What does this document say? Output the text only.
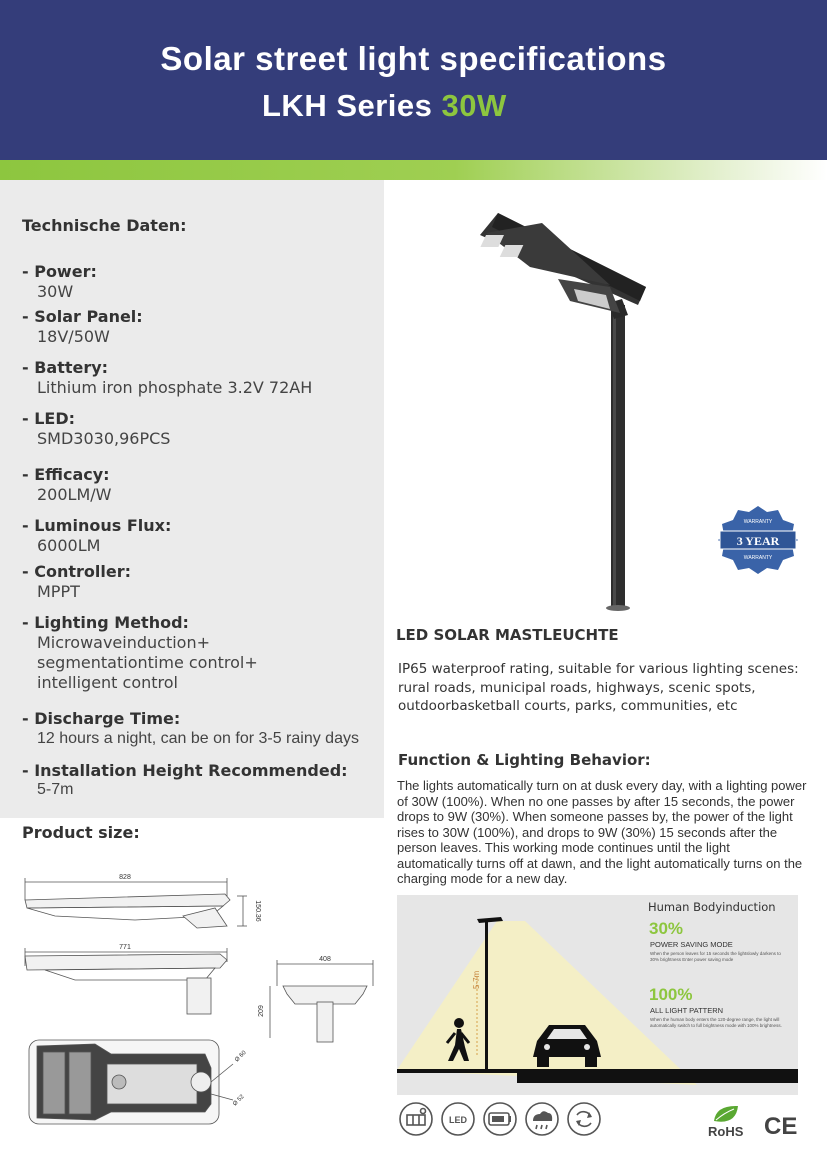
Solar street light specifications
LKH Series 30W
Technische Daten:
- Power:
30W
- Solar Panel:
18V/50W
- Battery:
Lithium iron phosphate 3.2V 72AH
- LED:
SMD3030,96PCS
- Efficacy:
200LM/W
- Luminous Flux:
6000LM
- Controller:
MPPT
- Lighting Method:
Microwaveinduction+
segmentationtime control+
intelligent control
- Discharge Time:
12 hours a night, can be on for 3-5 rainy days
- Installation Height Recommended:
5-7m
Product size:
828
150.36
771
408
209
Ø 60
Ø 52
WARRANTY
3 YEAR
WARRANTY
LED SOLAR MASTLEUCHTE
IP65 waterproof rating, suitable for various lighting scenes: rural roads, municipal roads, highways, scenic spots, outdoorbasketball courts, parks, communities, etc
Function & Lighting Behavior:
The lights automatically turn on at dusk every day, with a lighting power of 30W (100%). When no one passes by after 15 seconds, the power drops to 9W (30%). When someone passes by, the power of the light rises to 30W (100%), and drops to 9W (30%) 15 seconds after the person leaves. This working mode continues until the light automatically turns off at dawn, and the light automatically turns on the charging mode for a new day.
5-7m
Human Bodyinduction
30%
POWER SAVING MODE
When the person leaves for 15 seconds the lightslowly darkens to 30% brightness Enter power saving mode
100%
ALL LIGHT PATTERN
When the human body enters the 120-degree range, the light will automatically switch to full brightness mode with 100% brightness.
LED
RoHS CE
